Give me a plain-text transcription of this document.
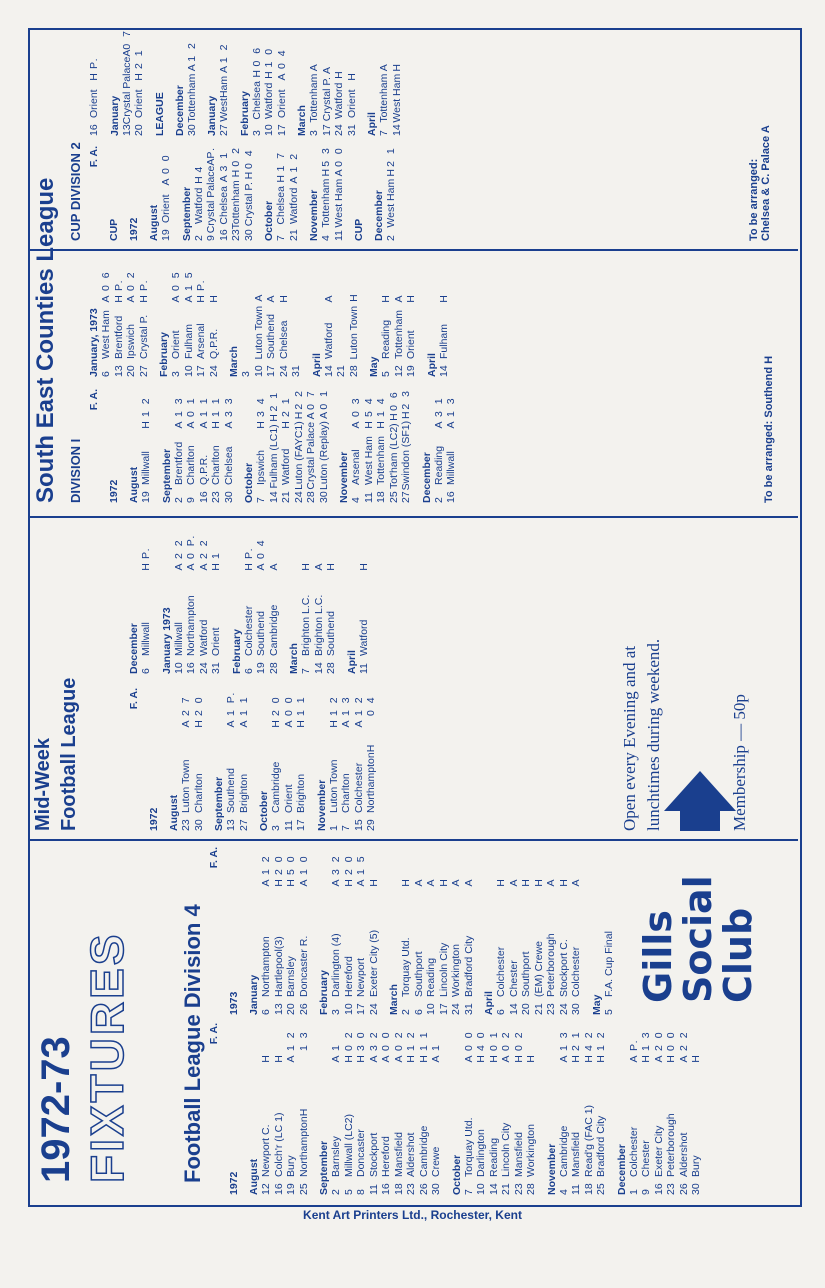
1972-73 FIXTURES Football League Division 4 F. A.
1972 August 12
Newport C.
H
16
Colch'r (LC 1)
H
19
Bury
A
1 2
25
NorthamptonH
1 3
September 2
Barnsley
A
1
5
Millwall (LC2)
H
0 2
8
Doncaster
H
3 0
11
Stockport
A
3 2
16
Hereford
A
0 0
18
Mansfield
A
0 2
23
Aldershot
H
1 2
26
Cambridge
H
1 1
30
Crewe
A
1
October 7
Torquay Utd.
A
0 0
10
Darlington
H
4 0
14
Reading
H
0 1
21
Lincoln City
A
0 2
23
Mansfield
H
0 2
28
Workington
H
November 4
Cambridge
A
1 3
11
Mansfield
H
2 1
18
Read'g (FAC 1)
H
4 2
25
Bradford City
H
1 2
December 1
Colchester
A
P.
9
Chester
H
1 3
16
Exeter City
A
2 0
23
Peterborough
H
0 0
26
Aldershot
A
2 2
30
Bury
H
F. A.
1973 January 6
Northampton
A
1 2
13
Hartlepool(3)
H
2 0
20
Barnsley
H
5 0
26
Doncaster R.
A
1 0
February 3
Darlington (4)
A
3 2
10
Hereford
H
2 0
17
Newport
A
1 5
24
Exeter City (5)
H
March 2
Torquay Utd.
H
6
Southport
A
10
Reading
A
17
Lincoln City
H
24
Workington
A
31
Bradford City
A
April 6
Colchester
H
14
Chester
A
20
Southport
H
21
(EM) Crewe
H
23
Peterborough
A
24
Stockport C.
H
30
Colchester
A
May 5
F.A. Cup Final Gills
Social
Club
Open every Evening and at lunchtimes during weekend.	Membership — 50p
Mid-Week Football League	F. A.
1972 August 23
Luton Town
A
2 7
30
Charlton
H
2 0
September 13
Southend
A
1 P.
27
Brighton
A
1 1
October 3
Cambridge
H
2 0
11
Orient
A
0 0
17
Brighton
H
1 1
November 1
Luton Town
H
1 2
7
Charlton
A
1 3
15
Colchester
A
1 2
29
NorthamptonH
0 4
December 6
Millwall
H
P.
January 1973 10
Millwall
A
2 2
16
Northampton
A
0 P.
24
Watford
A
2 2
31
Orient
H
1
February 6
Colchester
H
P.
19
Southend
A
0 4
28
Cambridge
A
March 7
Brighton L.C.
H
14
Brighton L.C.
A
28
Southend
H
April 11
Watford
H
South East Counties League DIVISION I
F. A.
1972 August 19
Millwall
H
1 2
September 2
Brentford
A
1 3
9
Charlton
A
0 1
16
Q.P.R.
A
1 1
23
Charlton
H
1 1
30
Chelsea
A
3 3
October 7
Ipswich
H
3 4
14
Fulham (LC1)
H
2 1
21
Watford
H
2 1
24
Luton (FAYC1)
H
2 2
28
Crystal Palace
A
0 7
30
Luton (Replay)
A
0 1
November 4
Arsenal
A
0 3
11
West Ham
H
5 4
18
Tottenham
H
1 4
25
Tot'ham (LC2)
H
0 6
27
Swindon (SF1)
H
2 3
December 2
Reading
A
3 1
16
Millwall
A
1 3
January, 1973 6
West Ham
A
0 6
13
Brentford
H
P.
20
Ipswich
A
0 2
27
Crystal P.
H
P.
February 3
Orient
A
0 5
10
Fulham
A
1 5
17
Arsenal
H
P.
24
Q.P.R.
H
March 3 10
Luton Town
A
17
Southend
A
24
Chelsea
H
31 April 14
Watford
A
21 28
Luton Town
H
May 5
Reading
H
12
Tottenham
A
19
Orient
H
April 14
Fulham
H
To be arranged: Southend H
CUP DIVISION 2 F. A.
CUP 1972 August 19
Orient
A
0 0
September 2
Watford
H
4
9
Crystal Palace
A
P.
16
Chelsea
A
3 1
23
Tottenham H
0 2
30
Crystal P.
H
0 4
October 7
Chelsea
H
1 7
21
Watford
A
1 2
November 4
Tottenham
H
5 3
11
West Ham
A
0 0
CUP December 2
West Ham
H
2 1
16
Orient
H
P.
January 13
Crystal Palace
A
0 7
20
Orient
H
2 1
LEAGUE December 30
Tottenham
A
1 2
January 27
WestHam
A
1 2
February 3
Chelsea
H
0 6
10
Watford
H
1 0
17
Orient
A
0 4
March 3
Tottenham
A
17
Crystal P.
A
24
Watford
H
31
Orient
H
April 7
Tottenham
A
14
West Ham
H
To be arranged: Chelsea & C. Palace A
Kent Art Printers Ltd., Rochester, Kent
